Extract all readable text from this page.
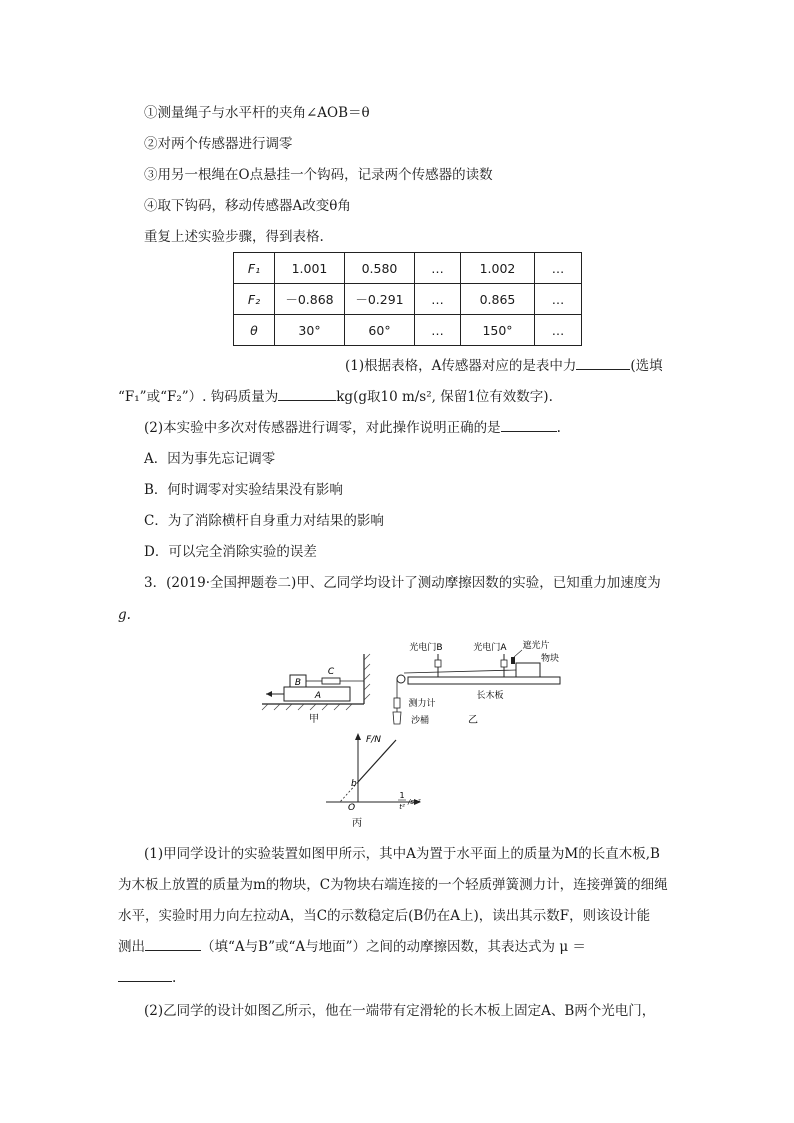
①测量绳子与水平杆的夹角∠AOB＝θ
②对两个传感器进行调零
③用另一根绳在O点悬挂一个钩码，记录两个传感器的读数
④取下钩码，移动传感器A改变θ角
重复上述实验步骤，得到表格.
F₁	1.001	0.580	…	1.002	…
F₂	－0.868	－0.291	…	0.865	…
θ	30°	60°	…	150°	…
(1)根据表格，A传感器对应的是表中力	(选填
“F₁”或“F₂”）. 钩码质量为	kg(g取10 m/s², 保留1位有效数字).
(2)本实验中多次对传感器进行调零，对此操作说明正确的是	.
A．因为事先忘记调零
B．何时调零对实验结果没有影响
C．为了消除横杆自身重力对结果的影响
D．可以完全消除实验的误差
3．(2019·全国押题卷二)甲、乙同学均设计了测动摩擦因数的实验，已知重力加速度为
g.
B
A
C
甲
光电门B	光电门A 遮光片
物块
长木板
测力计
沙桶	乙
F/N
b
O
1
t²
/s⁻²
丙
(1)甲同学设计的实验装置如图甲所示，其中A为置于水平面上的质量为M的长直木板,B
为木板上放置的质量为m的物块，C为物块右端连接的一个轻质弹簧测力计，连接弹簧的细绳
水平，实验时用力向左拉动A，当C的示数稳定后(B仍在A上)，读出其示数F，则该设计能
测出	（填“A与B”或“A与地面”）之间的动摩擦因数，其表达式为 μ ＝
.
(2)乙同学的设计如图乙所示，他在一端带有定滑轮的长木板上固定A、B两个光电门，
